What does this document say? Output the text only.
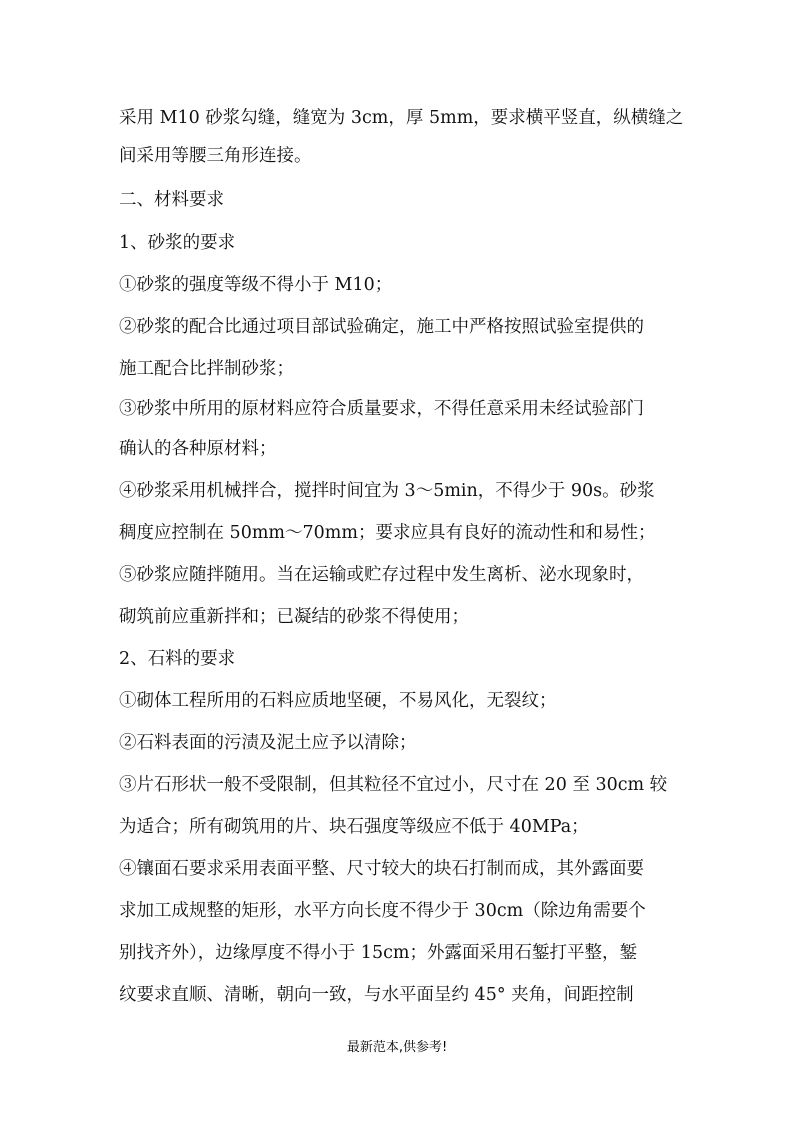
采用 M10 砂浆勾缝，缝宽为 3cm，厚 5mm，要求横平竖直，纵横缝之
间采用等腰三角形连接。
二、材料要求
1、砂浆的要求
①砂浆的强度等级不得小于 M10；
②砂浆的配合比通过项目部试验确定，施工中严格按照试验室提供的
施工配合比拌制砂浆；
③砂浆中所用的原材料应符合质量要求，不得任意采用未经试验部门
确认的各种原材料；
④砂浆采用机械拌合，搅拌时间宜为 3～5min，不得少于 90s。砂浆
稠度应控制在 50mm～70mm；要求应具有良好的流动性和和易性；
⑤砂浆应随拌随用。当在运输或贮存过程中发生离析、泌水现象时，
砌筑前应重新拌和；已凝结的砂浆不得使用；
2、石料的要求
①砌体工程所用的石料应质地坚硬，不易风化，无裂纹；
②石料表面的污渍及泥土应予以清除；
③片石形状一般不受限制，但其粒径不宜过小，尺寸在 20 至 30cm 较
为适合；所有砌筑用的片、块石强度等级应不低于 40MPa；
④镶面石要求采用表面平整、尺寸较大的块石打制而成，其外露面要
求加工成规整的矩形，水平方向长度不得少于 30cm（除边角需要个
别找齐外），边缘厚度不得小于 15cm；外露面采用石錾打平整，錾
纹要求直顺、清晰，朝向一致，与水平面呈约 45° 夹角，间距控制
最新范本,供参考!
